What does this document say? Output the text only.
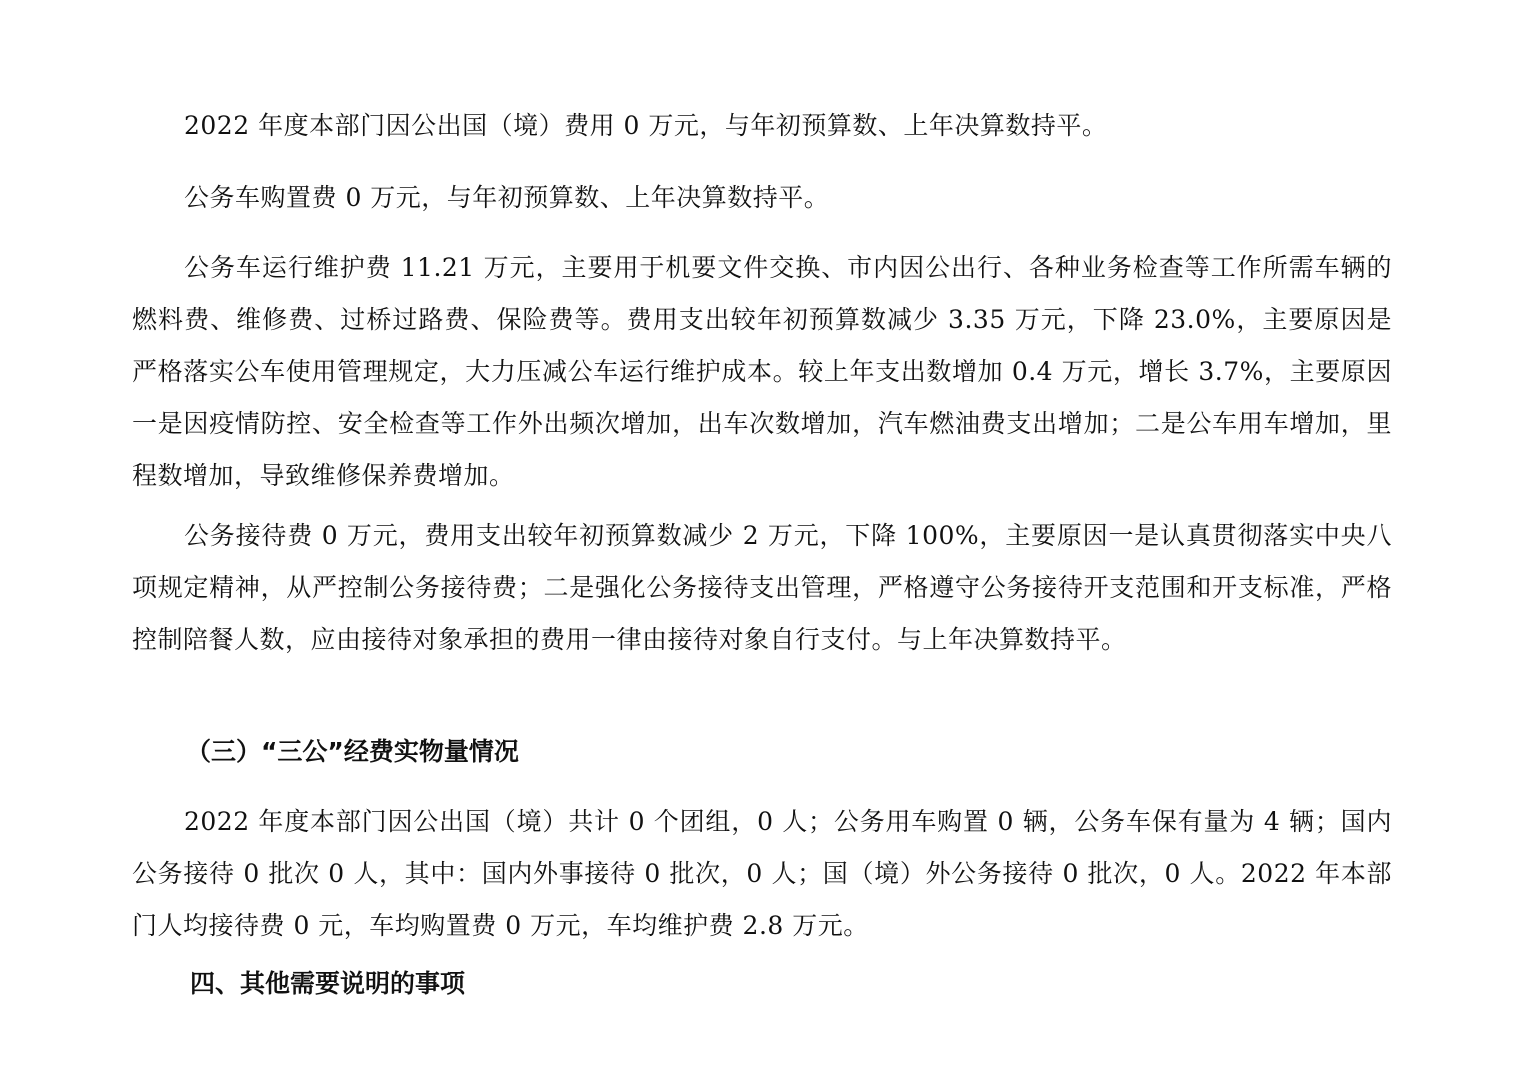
2022 年度本部门因公出国（境）费用 0 万元，与年初预算数、上年决算数持平。

公务车购置费 0 万元，与年初预算数、上年决算数持平。

公务车运行维护费 11.21 万元，主要用于机要文件交换、市内因公出行、各种业务检查等工作所需车辆的燃料费、维修费、过桥过路费、保险费等。费用支出较年初预算数减少 3.35 万元，下降 23.0%，主要原因是严格落实公车使用管理规定，大力压减公车运行维护成本。较上年支出数增加 0.4 万元，增长 3.7%，主要原因一是因疫情防控、安全检查等工作外出频次增加，出车次数增加，汽车燃油费支出增加；二是公车用车增加，里程数增加，导致维修保养费增加。

公务接待费 0 万元，费用支出较年初预算数减少 2 万元，下降 100%，主要原因一是认真贯彻落实中央八项规定精神，从严控制公务接待费；二是强化公务接待支出管理，严格遵守公务接待开支范围和开支标准，严格控制陪餐人数，应由接待对象承担的费用一律由接待对象自行支付。与上年决算数持平。

（三）“三公”经费实物量情况

2022 年度本部门因公出国（境）共计 0 个团组，0 人；公务用车购置 0 辆，公务车保有量为 4 辆；国内公务接待 0 批次 0 人，其中：国内外事接待 0 批次，0 人；国（境）外公务接待 0 批次，0 人。2022 年本部门人均接待费 0 元，车均购置费 0 万元，车均维护费 2.8 万元。

四、其他需要说明的事项
